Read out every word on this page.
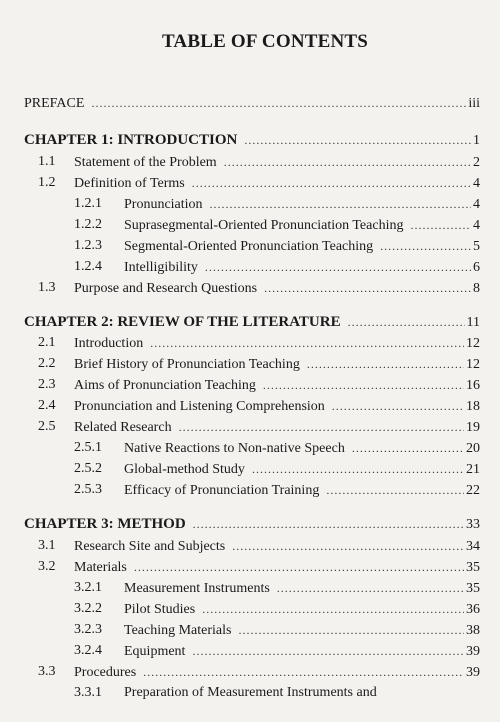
TABLE OF CONTENTS
PREFACE . . .	iii
CHAPTER 1: INTRODUCTION . . .	1
1.1 Statement of the Problem . . .	2
1.2 Definition of Terms . . .	4
1.2.1 Pronunciation . . .	4
1.2.2 Suprasegmental-Oriented Pronunciation Teaching . . .	4
1.2.3 Segmental-Oriented Pronunciation Teaching . . .	5
1.2.4 Intelligibility . . .	6
1.3 Purpose and Research Questions . . .	8
CHAPTER 2: REVIEW OF THE LITERATURE . . .	11
2.1 Introduction . . .	12
2.2 Brief History of Pronunciation Teaching . . .	12
2.3 Aims of Pronunciation Teaching . . .	16
2.4 Pronunciation and Listening Comprehension . . .	18
2.5 Related Research . . .	19
2.5.1 Native Reactions to Non-native Speech . . .	20
2.5.2 Global-method Study . . .	21
2.5.3 Efficacy of Pronunciation Training . . .	22
CHAPTER 3: METHOD . . .	33
3.1 Research Site and Subjects . . .	34
3.2 Materials . . .	35
3.2.1 Measurement Instruments . . .	35
3.2.2 Pilot Studies . . .	36
3.2.3 Teaching Materials . . .	38
3.2.4 Equipment . . .	39
3.3 Procedures . . .	39
3.3.1 Preparation of Measurement Instruments and
